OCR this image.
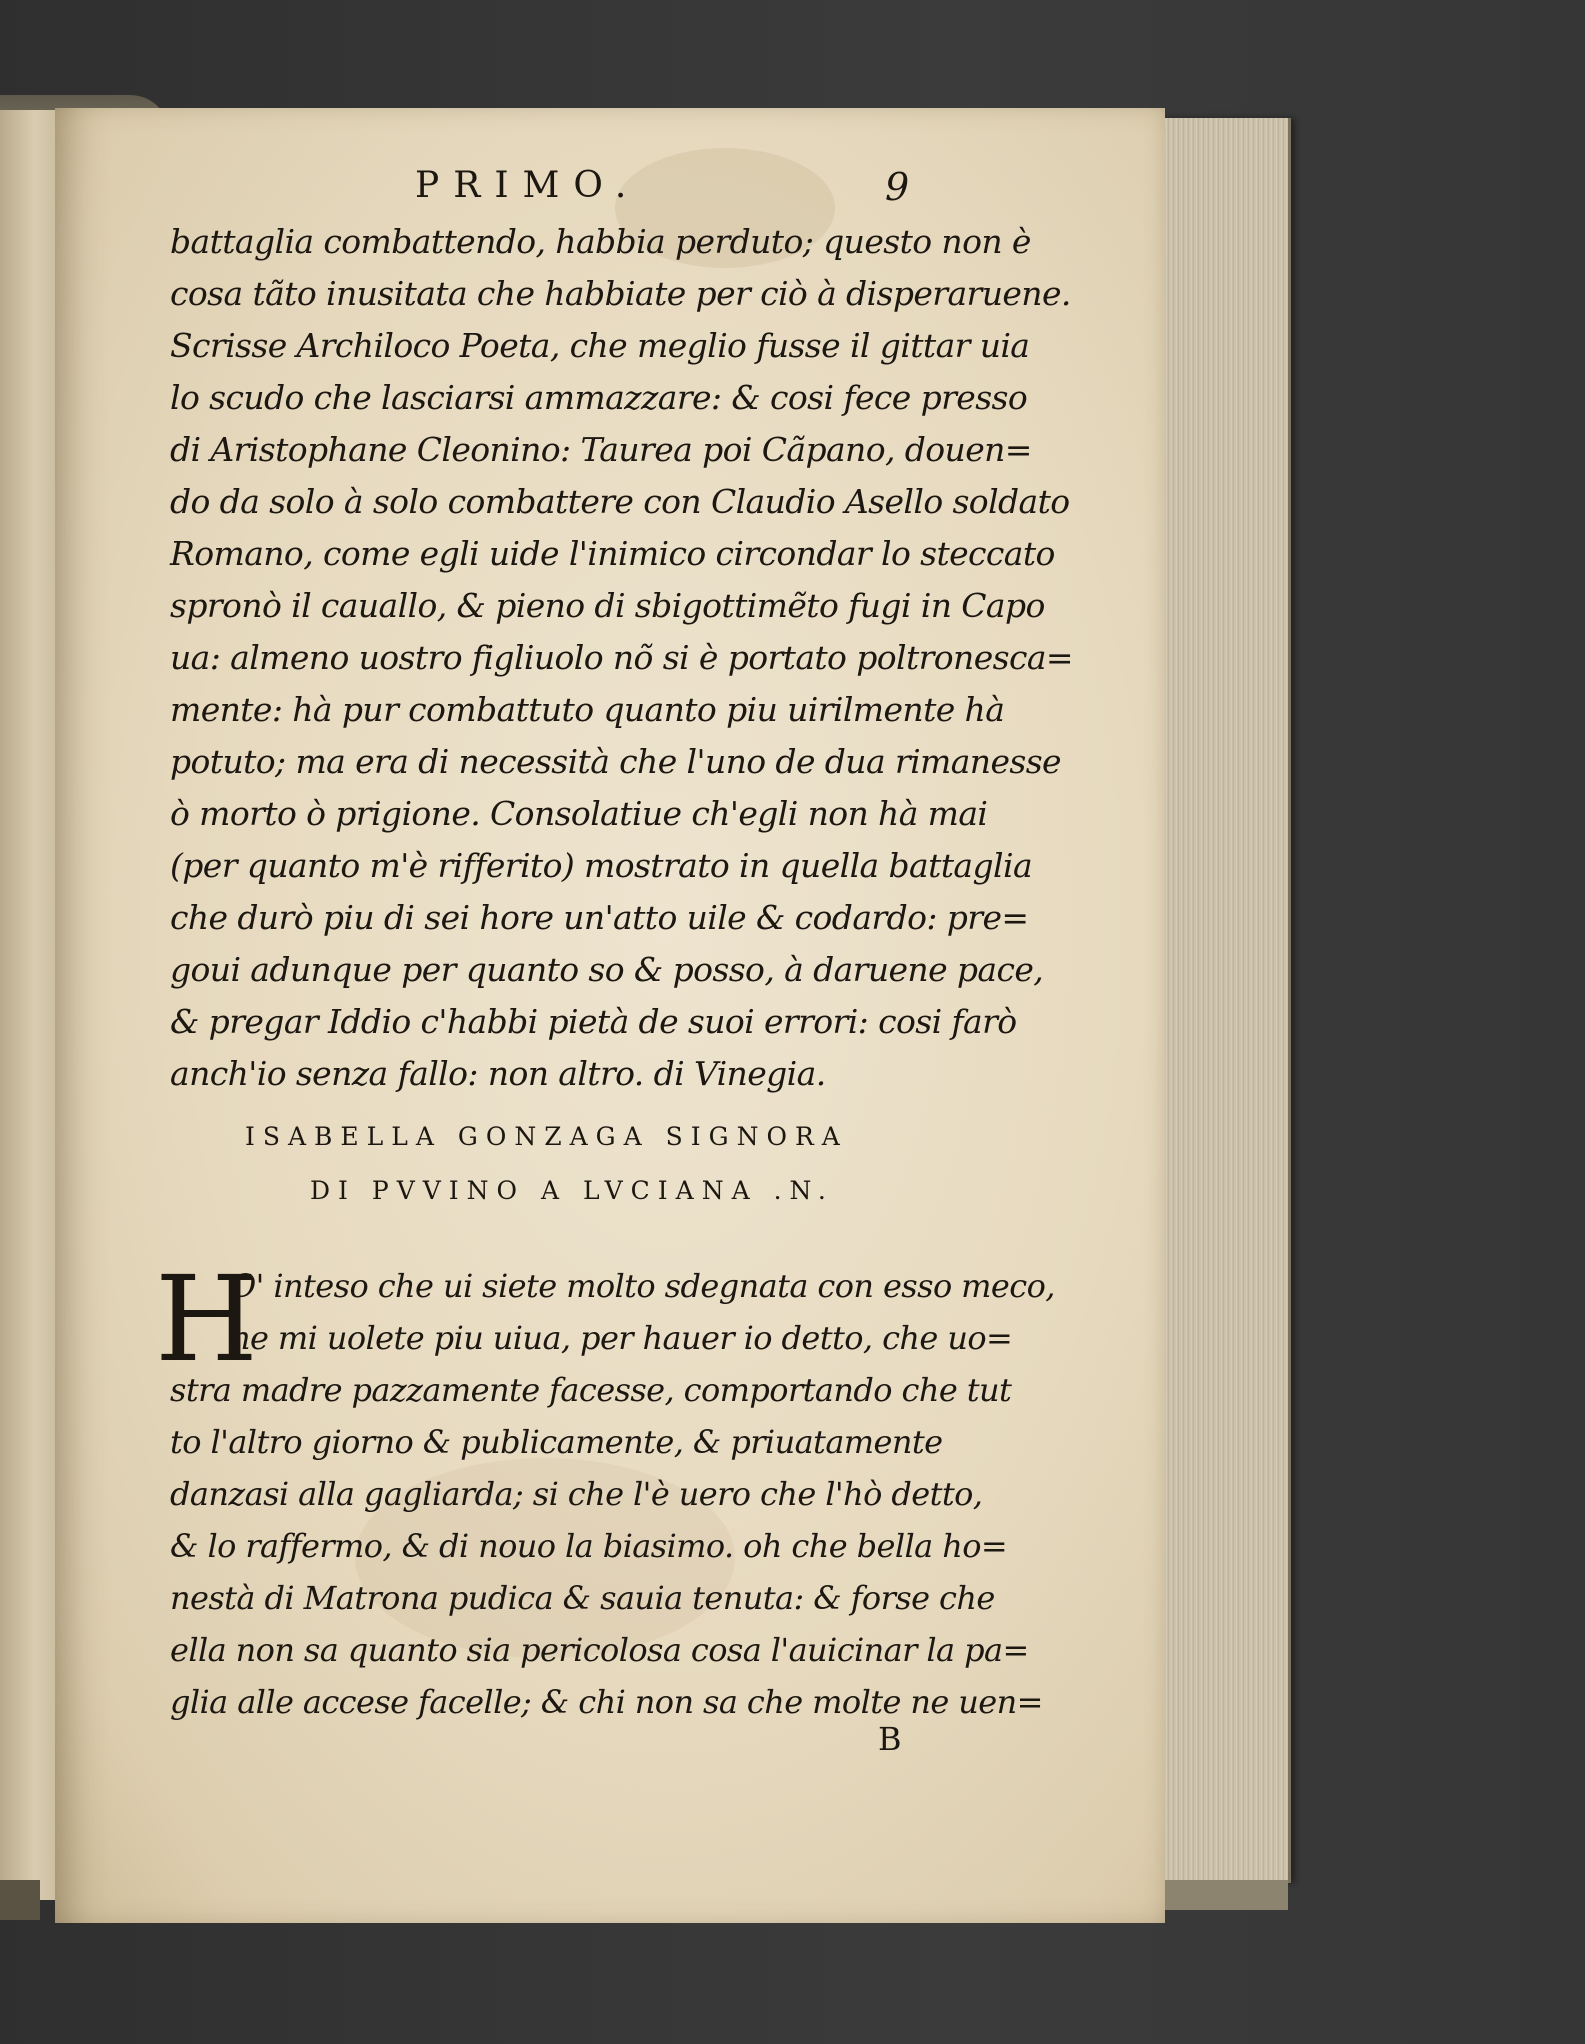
PRIMO.	9
battaglia combattendo, habbia perduto; questo non è
cosa tãto inusitata che habbiate per ciò à disperaruene.
Scrisse Archiloco Poeta, che meglio fusse il gittar uia
lo scudo che lasciarsi ammazzare: & cosi fece presso
di Aristophane Cleonino: Taurea poi Cãpano, douen=
do da solo à solo combattere con Claudio Asello soldato
Romano, come egli uide l'inimico circondar lo steccato
spronò il cauallo, & pieno di sbigottimẽto fugi in Capo
ua: almeno uostro figliuolo nõ si è portato poltronesca=
mente: hà pur combattuto quanto piu uirilmente hà
potuto; ma era di necessità che l'uno de dua rimanesse
ò morto ò prigione. Consolatiue ch'egli non hà mai
(per quanto m'è rifferito) mostrato in quella battaglia
che durò piu di sei hore un'atto uile & codardo: pre=
goui adunque per quanto so & posso, à daruene pace,
& pregar Iddio c'habbi pietà de suoi errori: cosi farò
anch'io senza fallo: non altro. di Vinegia.
ISABELLA GONZAGA SIGNORA
DI PVVINO A LVCIANA .N.
H
O' inteso che ui siete molto sdegnata con esso meco,
ne mi uolete piu uiua, per hauer io detto, che uo=
stra madre pazzamente facesse, comportando che tut
to l'altro giorno & publicamente, & priuatamente
danzasi alla gagliarda; si che l'è uero che l'hò detto,
& lo raffermo, & di nouo la biasimo. oh che bella ho=
nestà di Matrona pudica & sauia tenuta: & forse che
ella non sa quanto sia pericolosa cosa l'auicinar la pa=
glia alle accese facelle; & chi non sa che molte ne uen=
B
